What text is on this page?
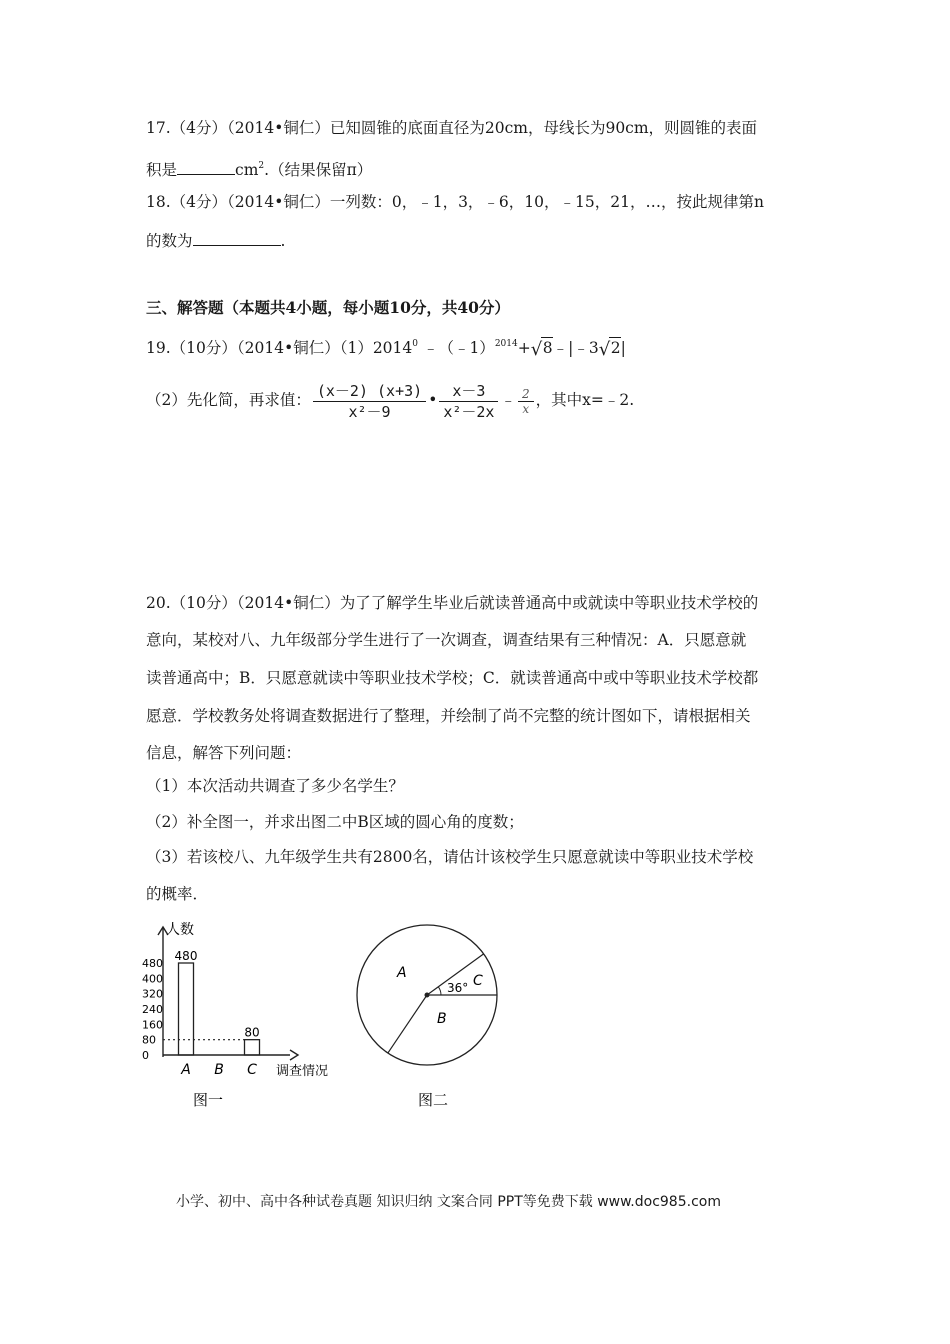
17.（4分）（2014•铜仁）已知圆锥的底面直径为20cm，母线长为90cm，则圆锥的表面
积是	$cm^2$.（结果保留π）
18.（4分）（2014•铜仁）一列数：0，﹣1，3，﹣6，10，﹣15，21，…，按此规律第n
的数为	.
三、解答题（本题共4小题，每小题10分，共40分）
19.（10分）（2014•铜仁）（1）2014$^0$ ﹣（﹣1）$^{2014}$+ √ 8﹣|﹣3 √ 2|
（2）先化简，再求值： $\frac{(x-2) (x+3)}{\text{x²－9}}$ • $\frac{x-3}{\text{x²－2x}}$ ﹣ $\frac{2}{x}$ ，其中x=﹣2.
20.（10分）（2014•铜仁）为了了解学生毕业后就读普通高中或就读中等职业技术学校的
意向，某校对八、九年级部分学生进行了一次调查，调查结果有三种情况：A．只愿意就
读普通高中；B．只愿意就读中等职业技术学校；C．就读普通高中或中等职业技术学校都
愿意．学校教务处将调查数据进行了整理，并绘制了尚不完整的统计图如下，请根据相关
信息，解答下列问题：
（1）本次活动共调查了多少名学生？
（2）补全图一，并求出图二中B区域的圆心角的度数；
（3）若该校八、九年级学生共有2800名，请估计该校学生只愿意就读中等职业技术学校
的概率．
人数
调查情况
480
400
320
240
160
80
0
480
A B
80
C
图一
36°
A
B
C
图二
小学、初中、高中各种试卷真题 知识归纳 文案合同 PPT等免费下载 www.doc985.com
